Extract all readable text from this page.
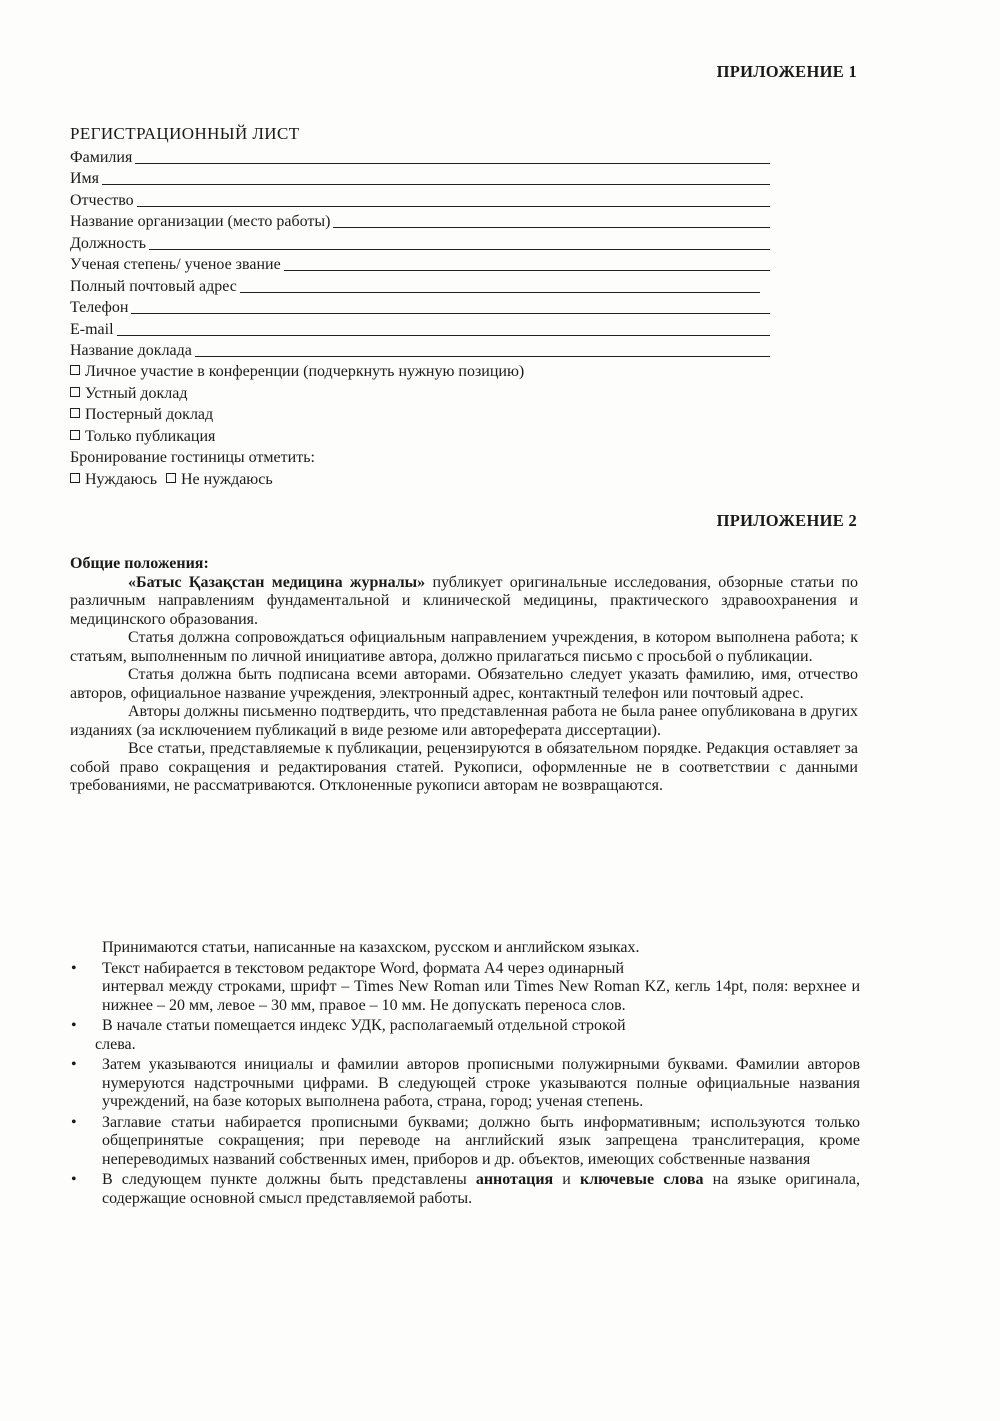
ПРИЛОЖЕНИЕ 1
РЕГИСТРАЦИОННЫЙ ЛИСТ
Фамилия
Имя
Отчество
Название организации (место работы)
Должность
Ученая степень/ ученое звание
Полный почтовый адрес
Телефон
E-mail
Название доклада
Личное участие в конференции (подчеркнуть нужную позицию)
Устный доклад
Постерный доклад
Только публикация
Бронирование гостиницы отметить:
Нуждаюсь Не нуждаюсь
ПРИЛОЖЕНИЕ 2
Общие положения:

«Батыс Қазақстан медицина журналы» публикует оригинальные исследования, обзорные статьи по различным направлениям фундаментальной и клинической медицины, практического здравоохранения и медицинского образования.

Статья должна сопровождаться официальным направлением учреждения, в котором выполнена работа; к статьям, выполненным по личной инициативе автора, должно прилагаться письмо с просьбой о публикации.

Статья должна быть подписана всеми авторами. Обязательно следует указать фамилию, имя, отчество авторов, официальное название учреждения, электронный адрес, контактный телефон или почтовый адрес.

Авторы должны письменно подтвердить, что представленная работа не была ранее опубликована в других изданиях (за исключением публикаций в виде резюме или автореферата диссертации).

Все статьи, представляемые к публикации, рецензируются в обязательном порядке. Редакция оставляет за собой право сокращения и редактирования статей. Рукописи, оформленные не в соответствии с данными требованиями, не рассматриваются. Отклоненные рукописи авторам не возвращаются.

Принимаются статьи, написанные на казахском, русском и английском языках.
• Текст набирается в текстовом редакторе Word, формата А4 через одинарный
интервал между строками, шрифт – Times New Roman или Times New Roman KZ, кегль 14pt, поля: верхнее и нижнее – 20 мм, левое – 30 мм, правое – 10 мм. Не допускать переноса слов.
• В начале статьи помещается индекс УДК, располагаемый отдельной строкой
слева.
• Затем указываются инициалы и фамилии авторов прописными полужирными буквами. Фамилии авторов нумеруются надстрочными цифрами. В следующей строке указываются полные официальные названия учреждений, на базе которых выполнена работа, страна, город; ученая степень.
• Заглавие статьи набирается прописными буквами; должно быть информативным; используются только общепринятые сокращения; при переводе на английский язык запрещена транслитерация, кроме непереводимых названий собственных имен, приборов и др. объектов, имеющих собственные названия
• В следующем пункте должны быть представлены аннотация и ключевые слова на языке оригинала, содержащие основной смысл представляемой работы.
